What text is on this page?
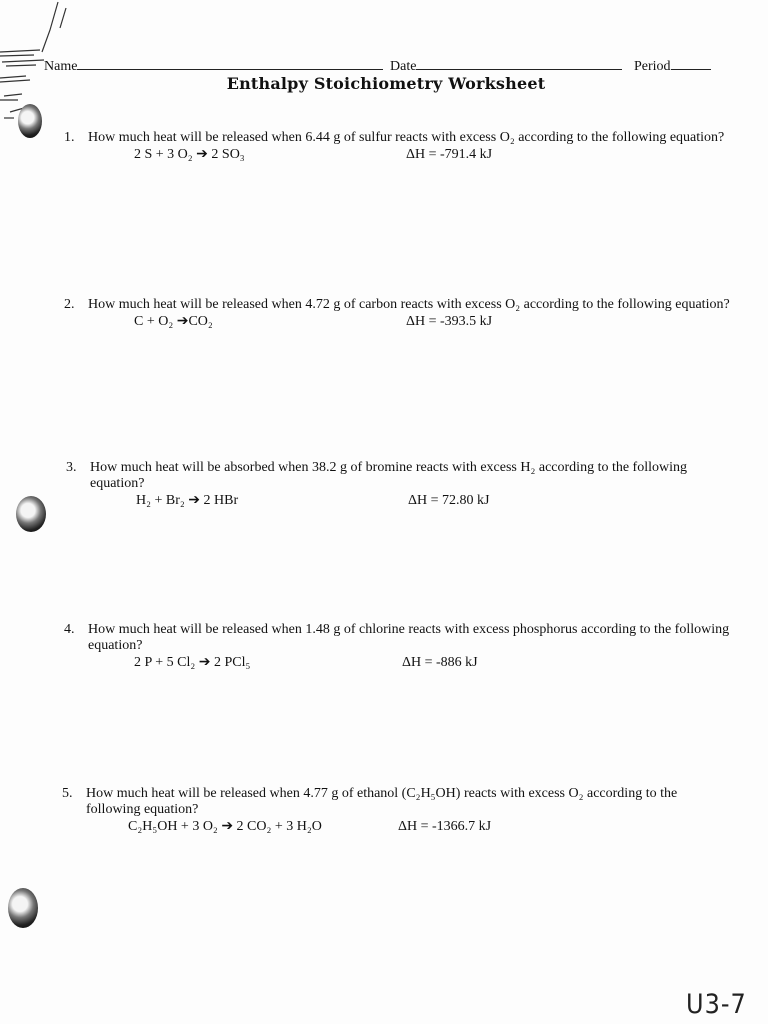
Name	Date	Period
Enthalpy Stoichiometry Worksheet
1. How much heat will be released when 6.44 g of sulfur reacts with excess O₂ according to the following equation?
2 S + 3 O₂ ➔ 2 SO₃	ΔH = -791.4 kJ
2. How much heat will be released when 4.72 g of carbon reacts with excess O₂ according to the following equation?
C + O₂ ➔CO₂	ΔH = -393.5 kJ
3. How much heat will be absorbed when 38.2 g of bromine reacts with excess H₂ according to the following equation?
H₂ + Br₂ ➔ 2 HBr	ΔH = 72.80 kJ
4. How much heat will be released when 1.48 g of chlorine reacts with excess phosphorus according to the following equation?
2 P + 5 Cl₂ ➔ 2 PCl₅	ΔH = -886 kJ
5. How much heat will be released when 4.77 g of ethanol (C₂H₅OH) reacts with excess O₂ according to the following equation?
C₂H₅OH + 3 O₂ ➔ 2 CO₂ + 3 H₂O	ΔH = -1366.7 kJ
U3-7
